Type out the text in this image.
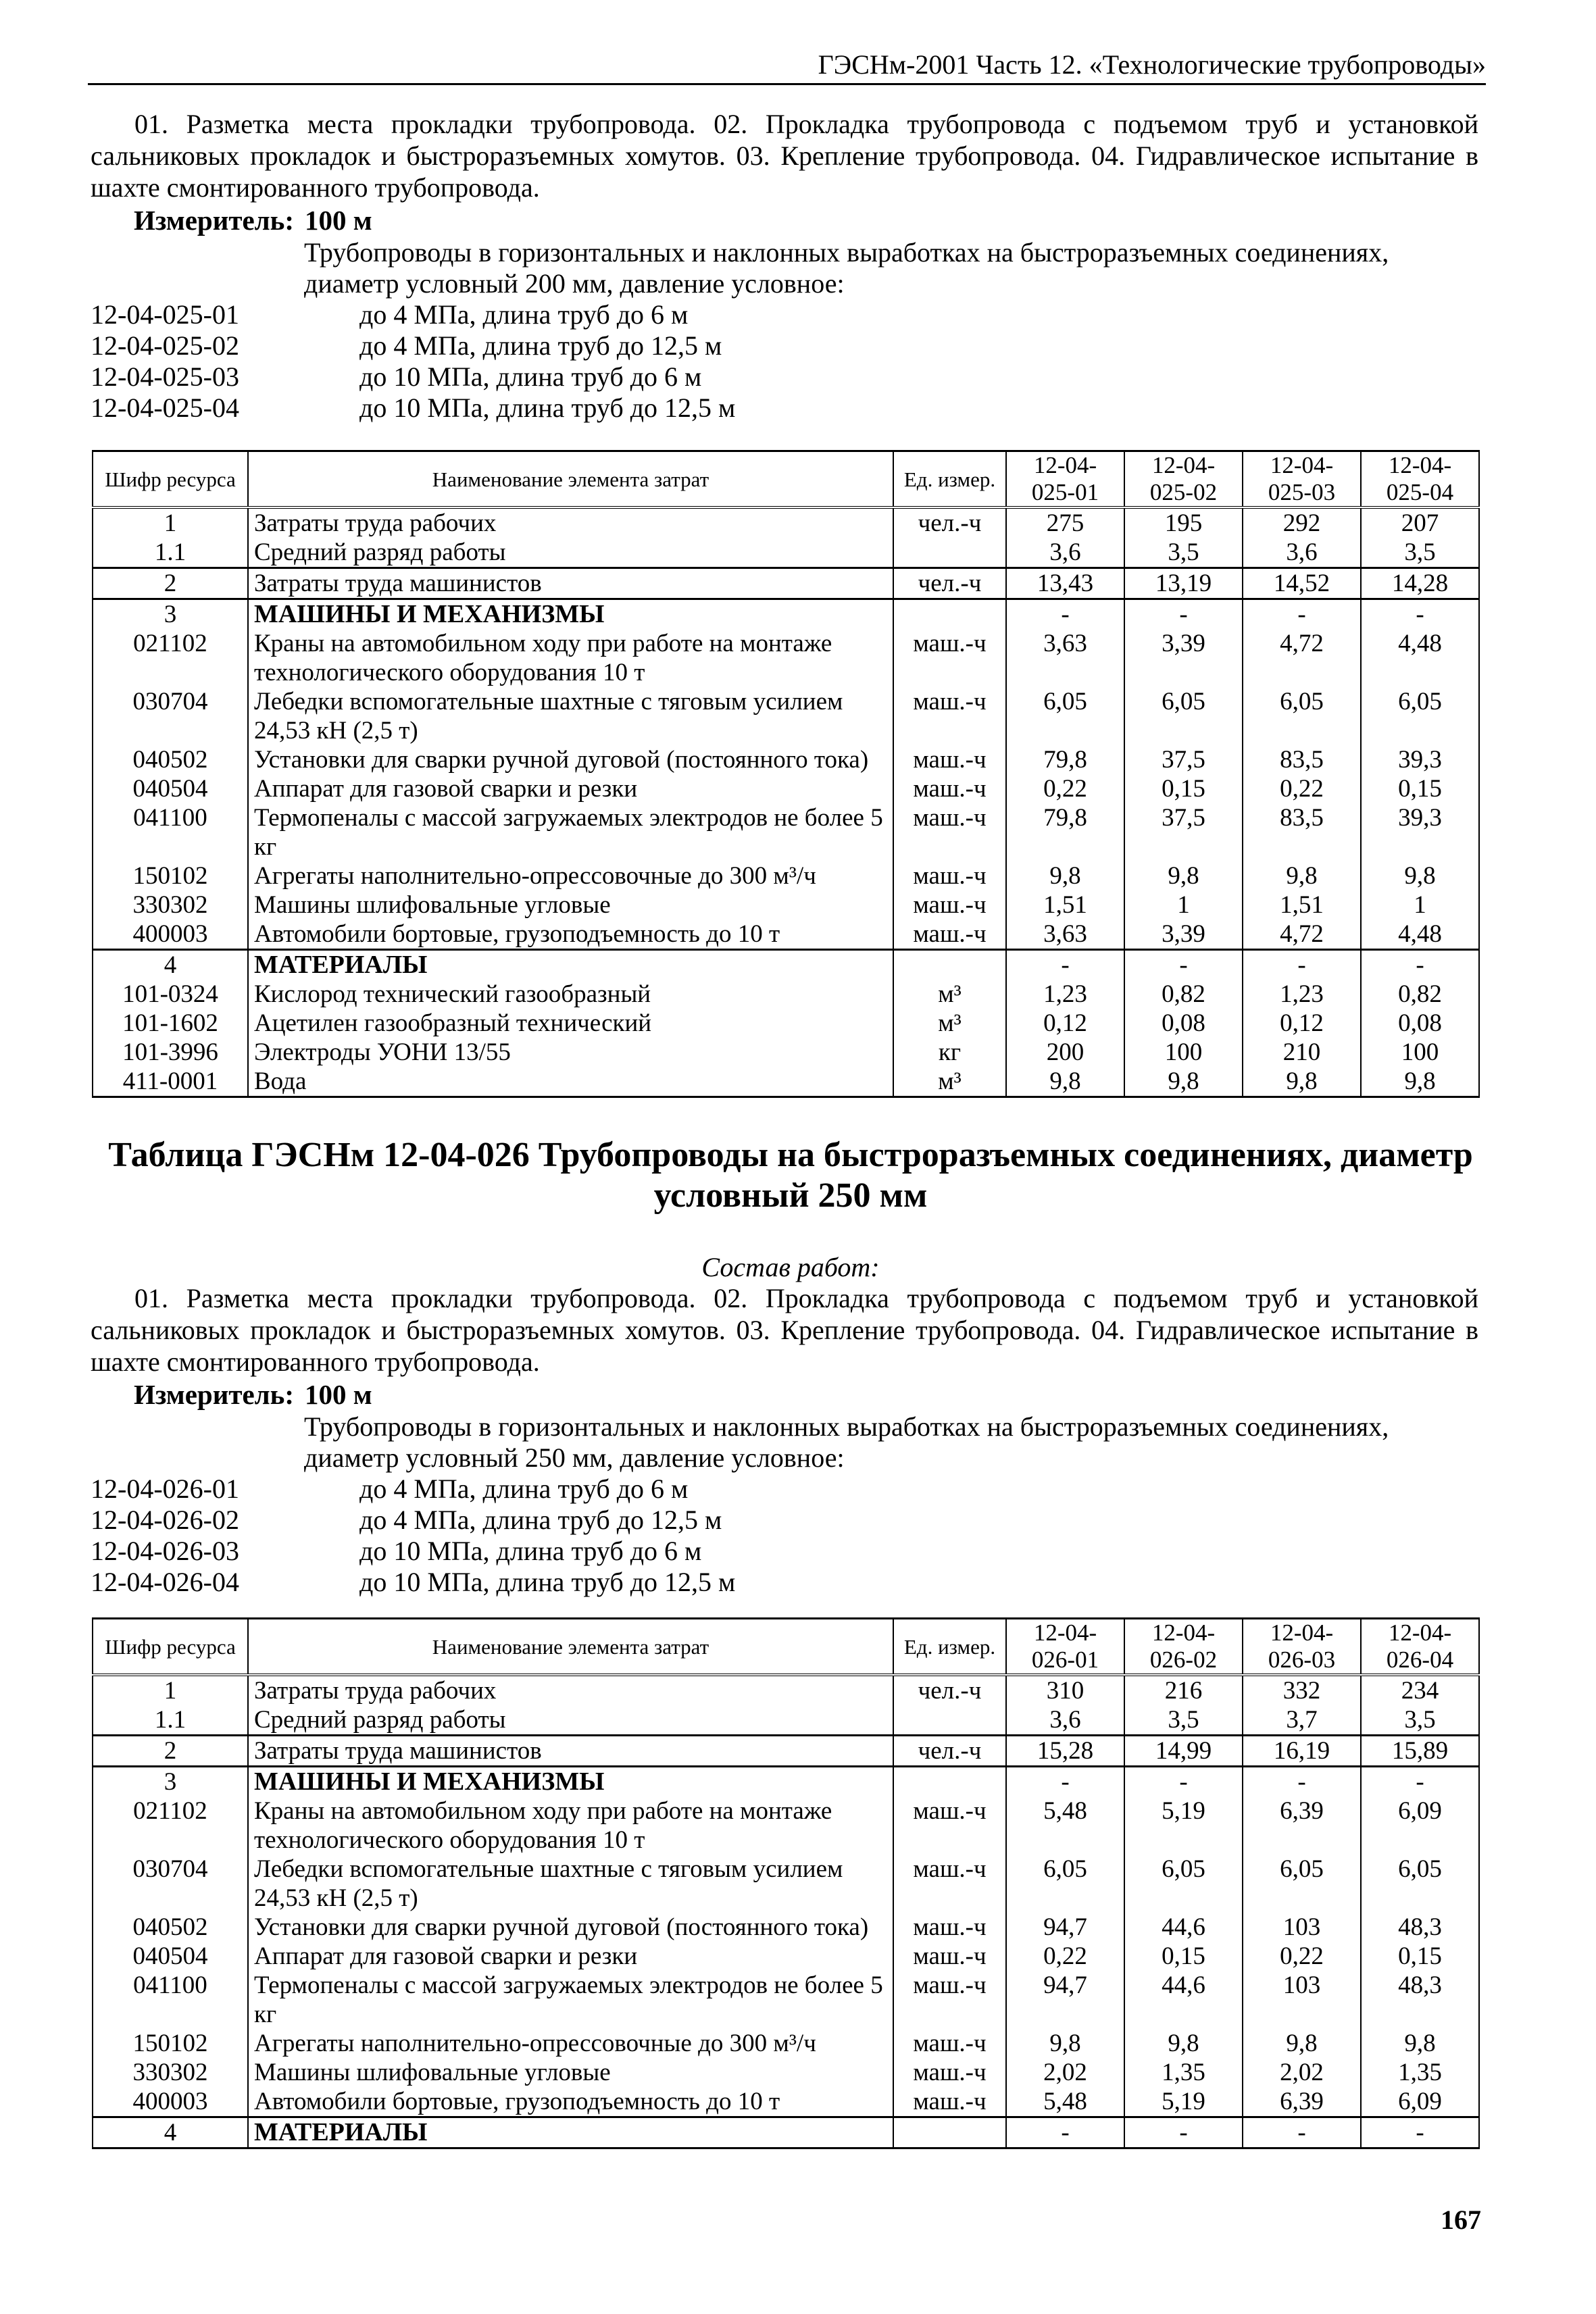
ГЭСНм-2001 Часть 12. «Технологические трубопроводы»
01. Разметка места прокладки трубопровода. 02. Прокладка трубопровода с подъемом труб и установкой сальниковых прокладок и быстроразъемных хомутов. 03. Крепление трубопровода. 04. Гидравлическое испытание в шахте смонтированного трубопровода.
Измеритель: 100 м
Трубопроводы в горизонтальных и наклонных выработках на быстроразъемных соединениях, диаметр условный 200 мм, давление условное:
12-04-025-01	до 4 МПа, длина труб до 6 м
12-04-025-02	до 4 МПа, длина труб до 12,5 м
12-04-025-03	до 10 МПа, длина труб до 6 м
12-04-025-04	до 10 МПа, длина труб до 12,5 м
Шифр ресурса	Наименование элемента затрат	Ед. измер.	12-04-025-01	12-04-025-02	12-04-025-03	12-04-025-04
1	Затраты труда рабочих	чел.-ч	275	195	292	207
1.1	Средний разряд работы		3,6	3,5	3,6	3,5
2	Затраты труда машинистов	чел.-ч	13,43	13,19	14,52	14,28
3	МАШИНЫ И МЕХАНИЗМЫ		-	-	-	-
021102	Краны на автомобильном ходу при работе на монтаже технологического оборудования 10 т	маш.-ч	3,63	3,39	4,72	4,48
030704	Лебедки вспомогательные шахтные с тяговым усилием 24,53 кН (2,5 т)	маш.-ч	6,05	6,05	6,05	6,05
040502	Установки для сварки ручной дуговой (постоянного тока)	маш.-ч	79,8	37,5	83,5	39,3
040504	Аппарат для газовой сварки и резки	маш.-ч	0,22	0,15	0,22	0,15
041100	Термопеналы с массой загружаемых электродов не более 5 кг	маш.-ч	79,8	37,5	83,5	39,3
150102	Агрегаты наполнительно-опрессовочные до 300 м³/ч	маш.-ч	9,8	9,8	9,8	9,8
330302	Машины шлифовальные угловые	маш.-ч	1,51	1	1,51	1
400003	Автомобили бортовые, грузоподъемность до 10 т	маш.-ч	3,63	3,39	4,72	4,48
4	МАТЕРИАЛЫ		-	-	-	-
101-0324	Кислород технический газообразный	м³	1,23	0,82	1,23	0,82
101-1602	Ацетилен газообразный технический	м³	0,12	0,08	0,12	0,08
101-3996	Электроды УОНИ 13/55	кг	200	100	210	100
411-0001	Вода	м³	9,8	9,8	9,8	9,8
Таблица ГЭСНм 12-04-026 Трубопроводы на быстроразъемных соединениях, диаметр условный 250 мм
Состав работ:
01. Разметка места прокладки трубопровода. 02. Прокладка трубопровода с подъемом труб и установкой сальниковых прокладок и быстроразъемных хомутов. 03. Крепление трубопровода. 04. Гидравлическое испытание в шахте смонтированного трубопровода.
Измеритель: 100 м
Трубопроводы в горизонтальных и наклонных выработках на быстроразъемных соединениях, диаметр условный 250 мм, давление условное:
12-04-026-01	до 4 МПа, длина труб до 6 м
12-04-026-02	до 4 МПа, длина труб до 12,5 м
12-04-026-03	до 10 МПа, длина труб до 6 м
12-04-026-04	до 10 МПа, длина труб до 12,5 м
Шифр ресурса	Наименование элемента затрат	Ед. измер.	12-04-026-01	12-04-026-02	12-04-026-03	12-04-026-04
1	Затраты труда рабочих	чел.-ч	310	216	332	234
1.1	Средний разряд работы		3,6	3,5	3,7	3,5
2	Затраты труда машинистов	чел.-ч	15,28	14,99	16,19	15,89
3	МАШИНЫ И МЕХАНИЗМЫ		-	-	-	-
021102	Краны на автомобильном ходу при работе на монтаже технологического оборудования 10 т	маш.-ч	5,48	5,19	6,39	6,09
030704	Лебедки вспомогательные шахтные с тяговым усилием 24,53 кН (2,5 т)	маш.-ч	6,05	6,05	6,05	6,05
040502	Установки для сварки ручной дуговой (постоянного тока)	маш.-ч	94,7	44,6	103	48,3
040504	Аппарат для газовой сварки и резки	маш.-ч	0,22	0,15	0,22	0,15
041100	Термопеналы с массой загружаемых электродов не более 5 кг	маш.-ч	94,7	44,6	103	48,3
150102	Агрегаты наполнительно-опрессовочные до 300 м³/ч	маш.-ч	9,8	9,8	9,8	9,8
330302	Машины шлифовальные угловые	маш.-ч	2,02	1,35	2,02	1,35
400003	Автомобили бортовые, грузоподъемность до 10 т	маш.-ч	5,48	5,19	6,39	6,09
4	МАТЕРИАЛЫ		-	-	-	-
167
